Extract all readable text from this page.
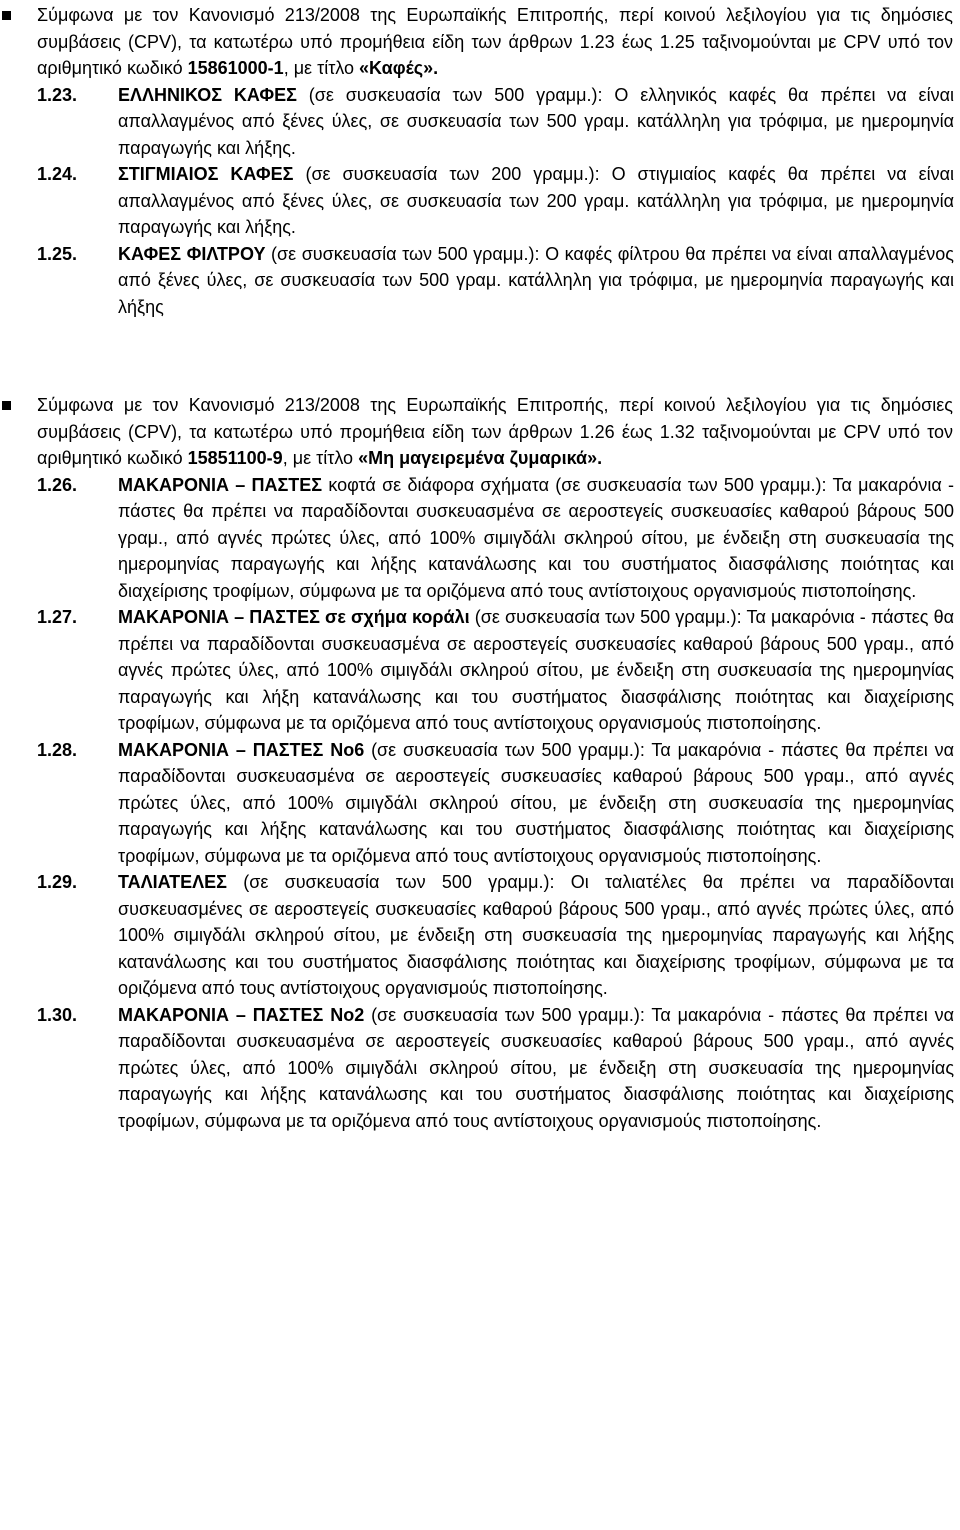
Σύμφωνα με τον Κανονισμό 213/2008 της Ευρωπαϊκής Επιτροπής, περί κοινού λεξιλογίου για τις δημόσιες συμβάσεις (CPV), τα κατωτέρω υπό προμήθεια είδη των άρθρων 1.23 έως 1.25 ταξινομούνται με CPV υπό τον αριθμητικό κωδικό 15861000-1, με τίτλο «Καφές».

1.23. ΕΛΛΗΝΙΚΟΣ ΚΑΦΕΣ (σε συσκευασία των 500 γραμμ.): Ο ελληνικός καφές θα πρέπει να είναι απαλλαγμένος από ξένες ύλες, σε συσκευασία των 500 γραμ. κατάλληλη για τρόφιμα, με ημερομηνία παραγωγής και λήξης.
1.24. ΣΤΙΓΜΙΑΙΟΣ ΚΑΦΕΣ (σε συσκευασία των 200 γραμμ.): Ο στιγμιαίος καφές θα πρέπει να είναι απαλλαγμένος από ξένες ύλες, σε συσκευασία των 200 γραμ. κατάλληλη για τρόφιμα, με ημερομηνία παραγωγής και λήξης.
1.25. ΚΑΦΕΣ ΦΙΛΤΡΟΥ (σε συσκευασία των 500 γραμμ.): Ο καφές φίλτρου θα πρέπει να είναι απαλλαγμένος από ξένες ύλες, σε συσκευασία των 500 γραμ. κατάλληλη για τρόφιμα, με ημερομηνία παραγωγής και λήξης

Σύμφωνα με τον Κανονισμό 213/2008 της Ευρωπαϊκής Επιτροπής, περί κοινού λεξιλογίου για τις δημόσιες συμβάσεις (CPV), τα κατωτέρω υπό προμήθεια είδη των άρθρων 1.26 έως 1.32 ταξινομούνται με CPV υπό τον αριθμητικό κωδικό 15851100-9, με τίτλο «Μη μαγειρεμένα ζυμαρικά».

1.26. ΜΑΚΑΡΟΝΙΑ – ΠΑΣΤΕΣ κοφτά σε διάφορα σχήματα (σε συσκευασία των 500 γραμμ.): Τα μακαρόνια - πάστες θα πρέπει να παραδίδονται συσκευασμένα σε αεροστεγείς συσκευασίες καθαρού βάρους 500 γραμ., από αγνές πρώτες ύλες, από 100% σιμιγδάλι σκληρού σίτου, με ένδειξη στη συσκευασία της ημερομηνίας παραγωγής και λήξης κατανάλωσης και του συστήματος διασφάλισης ποιότητας και διαχείρισης τροφίμων, σύμφωνα με τα οριζόμενα από τους αντίστοιχους οργανισμούς πιστοποίησης.
1.27. ΜΑΚΑΡΟΝΙΑ – ΠΑΣΤΕΣ σε σχήμα κοράλι (σε συσκευασία των 500 γραμμ.): Τα μακαρόνια - πάστες θα πρέπει να παραδίδονται συσκευασμένα σε αεροστεγείς συσκευασίες καθαρού βάρους 500 γραμ., από αγνές πρώτες ύλες, από 100% σιμιγδάλι σκληρού σίτου, με ένδειξη στη συσκευασία της ημερομηνίας παραγωγής και λήξη κατανάλωσης και του συστήματος διασφάλισης ποιότητας και διαχείρισης τροφίμων, σύμφωνα με τα οριζόμενα από τους αντίστοιχους οργανισμούς πιστοποίησης.
1.28. ΜΑΚΑΡΟΝΙΑ – ΠΑΣΤΕΣ Νο6 (σε συσκευασία των 500 γραμμ.): Τα μακαρόνια - πάστες θα πρέπει να παραδίδονται συσκευασμένα σε αεροστεγείς συσκευασίες καθαρού βάρους 500 γραμ., από αγνές πρώτες ύλες, από 100% σιμιγδάλι σκληρού σίτου, με ένδειξη στη συσκευασία της ημερομηνίας παραγωγής και λήξης κατανάλωσης και του συστήματος διασφάλισης ποιότητας και διαχείρισης τροφίμων, σύμφωνα με τα οριζόμενα από τους αντίστοιχους οργανισμούς πιστοποίησης.
1.29. ΤΑΛΙΑΤΕΛΕΣ (σε συσκευασία των 500 γραμμ.): Οι ταλιατέλες θα πρέπει να παραδίδονται συσκευασμένες σε αεροστεγείς συσκευασίες καθαρού βάρους 500 γραμ., από αγνές πρώτες ύλες, από 100% σιμιγδάλι σκληρού σίτου, με ένδειξη στη συσκευασία της ημερομηνίας παραγωγής και λήξης κατανάλωσης και του συστήματος διασφάλισης ποιότητας και διαχείρισης τροφίμων, σύμφωνα με τα οριζόμενα από τους αντίστοιχους οργανισμούς πιστοποίησης.
1.30. ΜΑΚΑΡΟΝΙΑ – ΠΑΣΤΕΣ Νο2 (σε συσκευασία των 500 γραμμ.): Τα μακαρόνια - πάστες θα πρέπει να παραδίδονται συσκευασμένα σε αεροστεγείς συσκευασίες καθαρού βάρους 500 γραμ., από αγνές πρώτες ύλες, από 100% σιμιγδάλι σκληρού σίτου, με ένδειξη στη συσκευασία της ημερομηνίας παραγωγής και λήξης κατανάλωσης και του συστήματος διασφάλισης ποιότητας και διαχείρισης τροφίμων, σύμφωνα με τα οριζόμενα από τους αντίστοιχους οργανισμούς πιστοποίησης.
